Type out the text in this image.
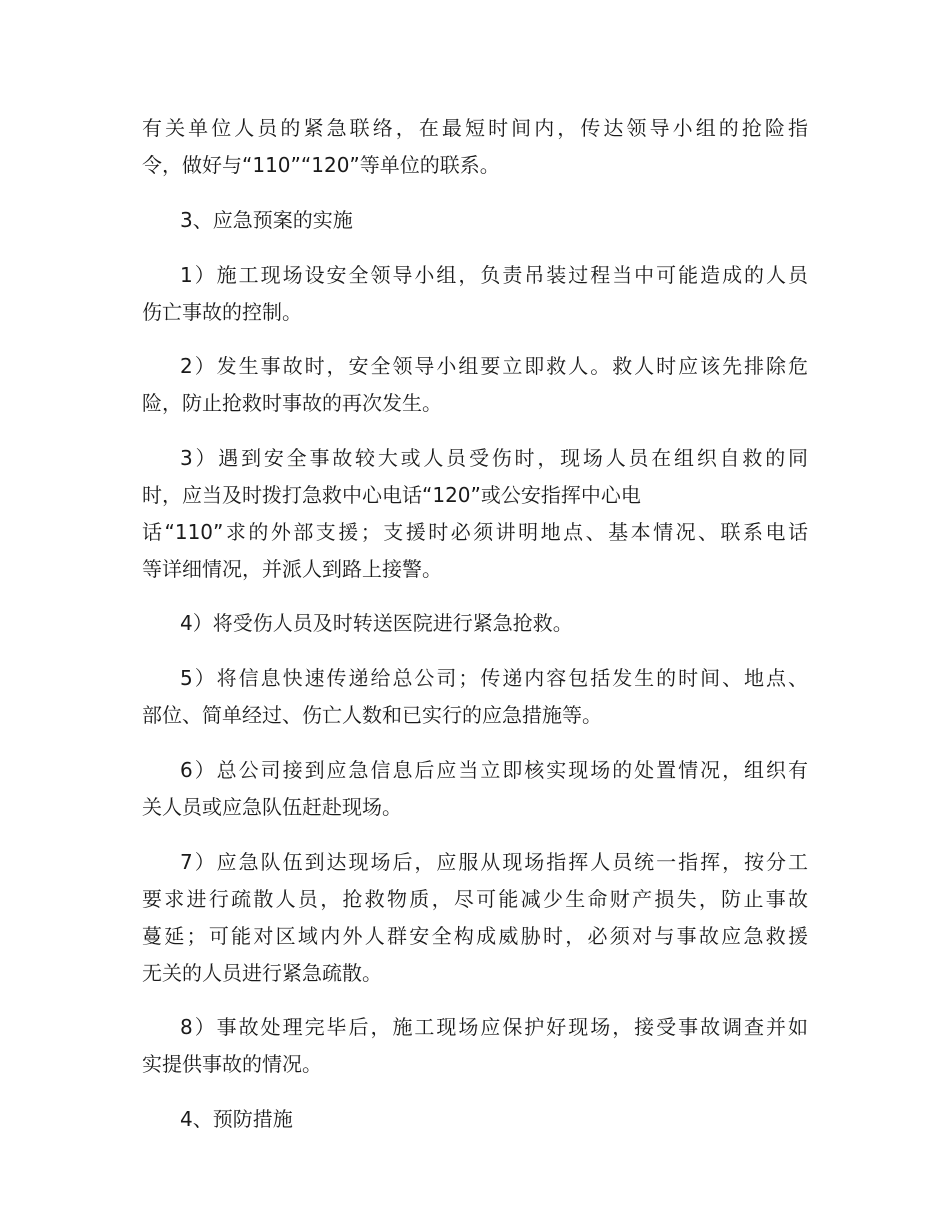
有关单位人员的紧急联络，在最短时间内，传达领导小组的抢险指
令，做好与“110”“120”等单位的联系。
3、应急预案的实施
1）施工现场设安全领导小组，负责吊装过程当中可能造成的人员
伤亡事故的控制。
2）发生事故时，安全领导小组要立即救人。救人时应该先排除危
险，防止抢救时事故的再次发生。
3）遇到安全事故较大或人员受伤时，现场人员在组织自救的同
时，应当及时拨打急救中心电话“120”或公安指挥中心电
话“110”求的外部支援；支援时必须讲明地点、基本情况、联系电话
等详细情况，并派人到路上接警。
4）将受伤人员及时转送医院进行紧急抢救。
5）将信息快速传递给总公司；传递内容包括发生的时间、地点、
部位、简单经过、伤亡人数和已实行的应急措施等。
6）总公司接到应急信息后应当立即核实现场的处置情况，组织有
关人员或应急队伍赶赴现场。
7）应急队伍到达现场后，应服从现场指挥人员统一指挥，按分工
要求进行疏散人员，抢救物质，尽可能减少生命财产损失，防止事故
蔓延；可能对区域内外人群安全构成威胁时，必须对与事故应急救援
无关的人员进行紧急疏散。
8）事故处理完毕后，施工现场应保护好现场，接受事故调查并如
实提供事故的情况。
4、预防措施
